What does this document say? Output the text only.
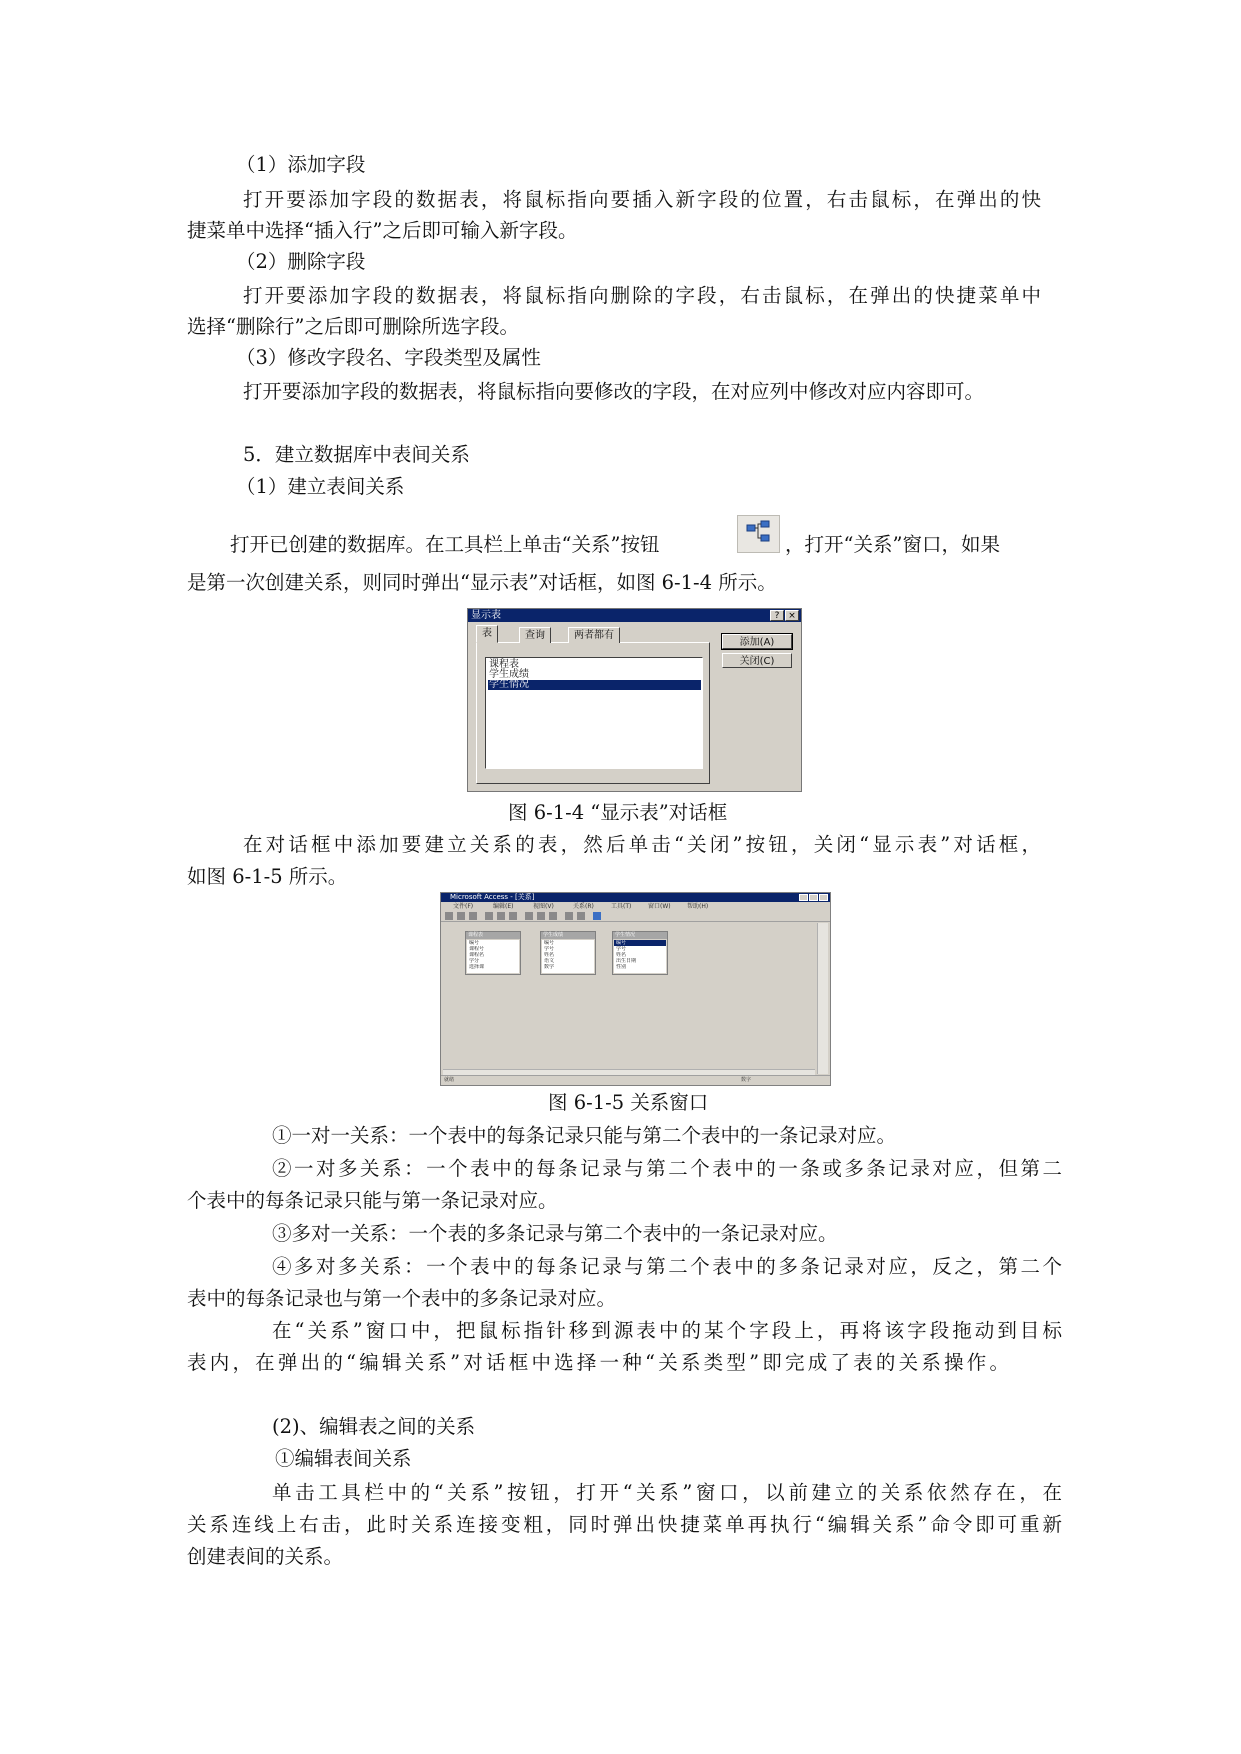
（1）添加字段
打开要添加字段的数据表，将鼠标指向要插入新字段的位置，右击鼠标，在弹出的快
捷菜单中选择“插入行”之后即可输入新字段。
（2）删除字段
打开要添加字段的数据表，将鼠标指向删除的字段，右击鼠标，在弹出的快捷菜单中
选择“删除行”之后即可删除所选字段。
（3）修改字段名、字段类型及属性
打开要添加字段的数据表，将鼠标指向要修改的字段，在对应列中修改对应内容即可。
5．建立数据库中表间关系
（1）建立表间关系
打开已创建的数据库。在工具栏上单击“关系”按钮	，打开“关系”窗口，如果
是第一次创建关系，则同时弹出“显示表”对话框，如图 6-1-4 所示。
显示表	? ×
表	查询	两者都有
课程表
学生成绩
学生情况
添加(A)
关闭(C)
图 6-1-4 “显示表”对话框
在对话框中添加要建立关系的表，然后单击“关闭”按钮，关闭“显示表”对话框，
如图 6-1-5 所示。
Microsoft Access - [关系]
文件(F)	编辑(E)	视图(V)	关系(R)	工具(T)	窗口(W)	帮助(H)
课程表
编号
课程号
课程名
学分
选择课
学生成绩
编号
学号
姓名
语文
数学
学生情况
编号
学号
姓名
出生日期
性别
就绪	数字
图 6-1-5 关系窗口
①一对一关系：一个表中的每条记录只能与第二个表中的一条记录对应。
②一对多关系：一个表中的每条记录与第二个表中的一条或多条记录对应，但第二
个表中的每条记录只能与第一条记录对应。
③多对一关系：一个表的多条记录与第二个表中的一条记录对应。
④多对多关系：一个表中的每条记录与第二个表中的多条记录对应，反之，第二个
表中的每条记录也与第一个表中的多条记录对应。
在“关系”窗口中，把鼠标指针移到源表中的某个字段上，再将该字段拖动到目标
表内，在弹出的“编辑关系”对话框中选择一种“关系类型”即完成了表的关系操作。
(2)、编辑表之间的关系
①编辑表间关系
单击工具栏中的“关系”按钮，打开“关系”窗口，以前建立的关系依然存在，在
关系连线上右击，此时关系连接变粗，同时弹出快捷菜单再执行“编辑关系”命令即可重新
创建表间的关系。
